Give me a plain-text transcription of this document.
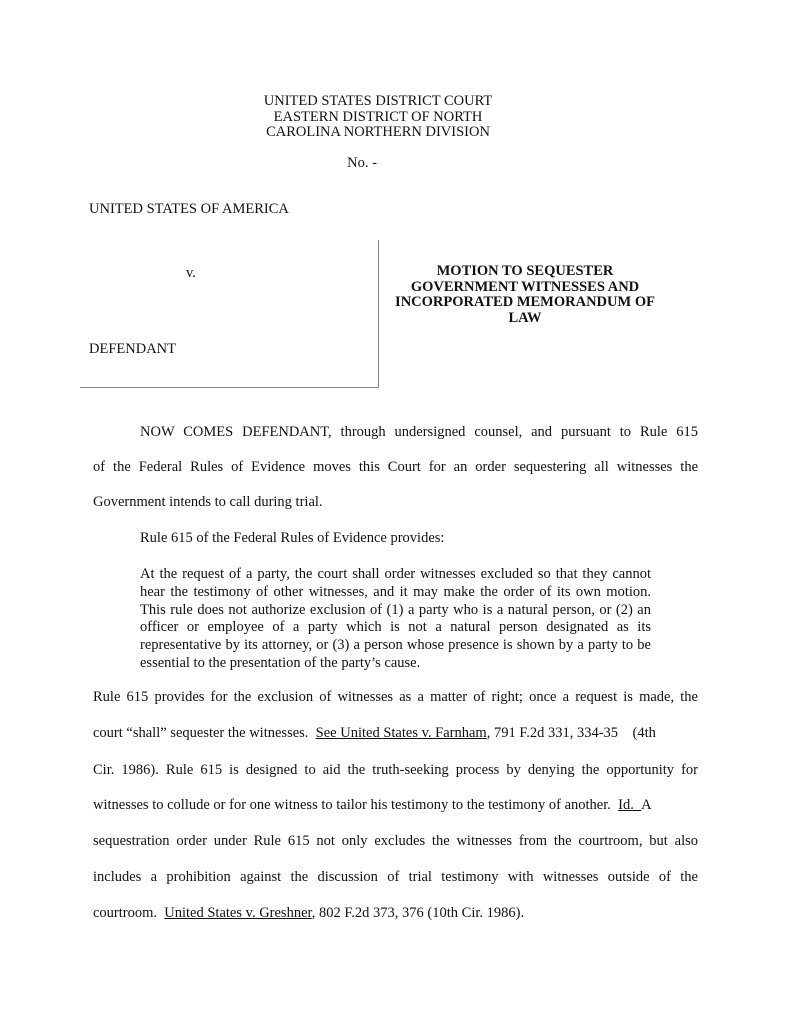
UNITED STATES DISTRICT COURT
EASTERN DISTRICT OF NORTH
CAROLINA NORTHERN DIVISION
No. -
UNITED STATES OF AMERICA
v.
DEFENDANT
MOTION TO SEQUESTER
GOVERNMENT WITNESSES AND
INCORPORATED MEMORANDUM OF
LAW
NOW COMES DEFENDANT, through undersigned counsel, and pursuant to Rule 615
of the Federal Rules of Evidence moves this Court for an order sequestering all witnesses the
Government intends to call during trial.
Rule 615 of the Federal Rules of Evidence provides:
At the request of a party, the court shall order witnesses excluded so that they cannot hear the testimony of other witnesses, and it may make the order of its own motion. This rule does not authorize exclusion of (1) a party who is a natural person, or (2) an officer or employee of a party which is not a natural person designated as its representative by its attorney, or (3) a person whose presence is shown by a party to be essential to the presentation of the party’s cause.
Rule 615 provides for the exclusion of witnesses as a matter of right; once a request is made, the
court “shall” sequester the witnesses. See United States v. Farnham , 791 F.2d 331, 334-35    (4th
Cir. 1986). Rule 615 is designed to aid the truth-seeking process by denying the opportunity for
witnesses to collude or for one witness to tailor his testimony to the testimony of another. Id. A
sequestration order under Rule 615 not only excludes the witnesses from the courtroom, but also
includes a prohibition against the discussion of trial testimony with witnesses outside of the
courtroom.  United States v. Greshner, 802 F.2d 373, 376 (10th Cir. 1986).
